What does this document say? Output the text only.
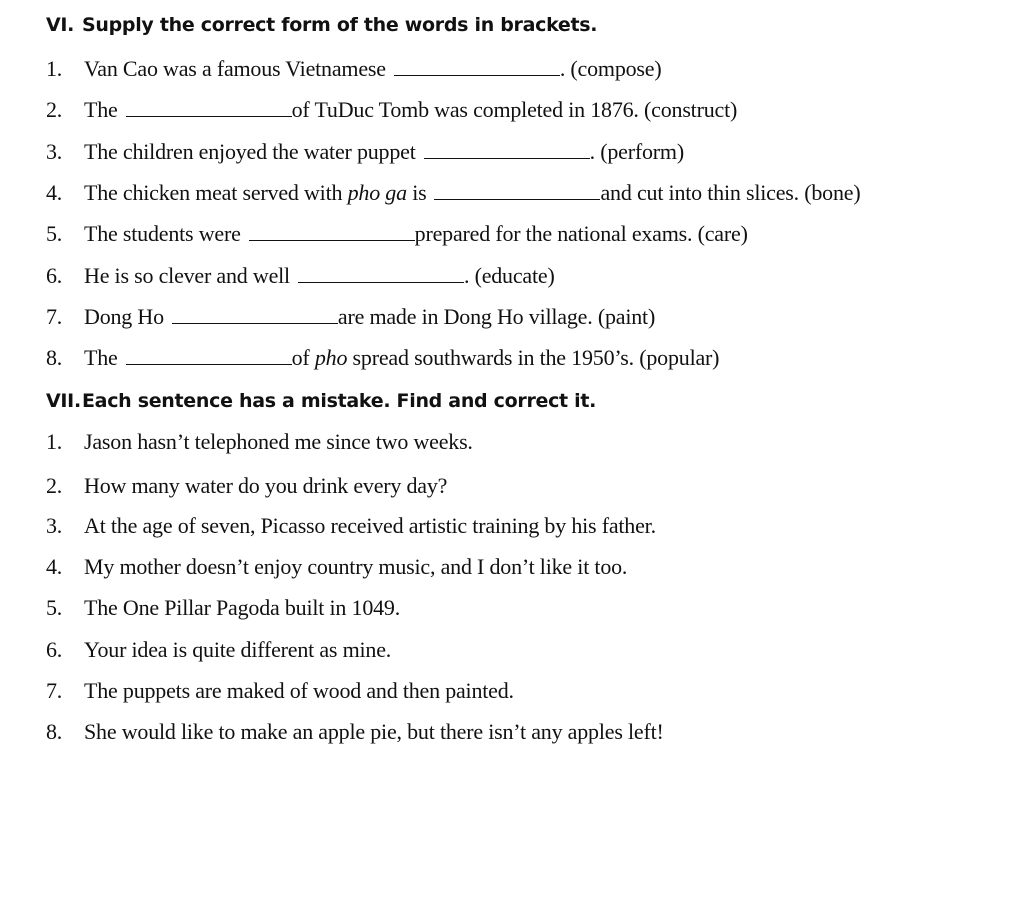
VI. Supply the correct form of the words in brackets.
1. Van Cao was a famous Vietnamese	. (compose)
2. The	of TuDuc Tomb was completed in 1876. (construct)
3. The children enjoyed the water puppet	. (perform)
4. The chicken meat served with pho ga is	and cut into thin slices. (bone)
5. The students were	prepared for the national exams. (care)
6. He is so clever and well	. (educate)
7. Dong Ho	are made in Dong Ho village. (paint)
8. The	of pho spread southwards in the 1950’s. (popular)
VII.Each sentence has a mistake. Find and correct it.
1. Jason hasn’t telephoned me since two weeks.
2. How many water do you drink every day?
3. At the age of seven, Picasso received artistic training by his father.
4. My mother doesn’t enjoy country music, and I don’t like it too.
5. The One Pillar Pagoda built in 1049.
6. Your idea is quite different as mine.
7. The puppets are maked of wood and then painted.
8. She would like to make an apple pie, but there isn’t any apples left!
